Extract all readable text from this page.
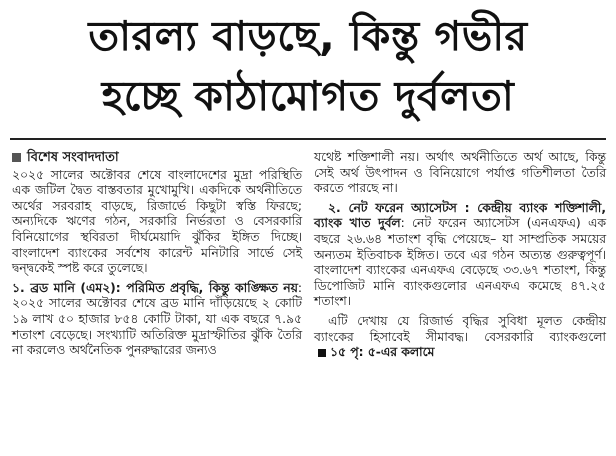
তারল্য বাড়ছে, কিন্তু গভীর
হচ্ছে কাঠামোগত দুর্বলতা
বিশেষ সংবাদদাতা

২০২৫ সালের অক্টোবর শেষে বাংলাদেশের মুদ্রা পরিস্থিতি এক জটিল দ্বৈত বাস্তবতার মুখোমুখি। একদিকে অর্থনীতিতে অর্থের সরবরাহ বাড়ছে, রিজার্ভে কিছুটা স্বস্তি ফিরছে; অন্যদিকে ঋণের গঠন, সরকারি নির্ভরতা ও বেসরকারি বিনিয়োগের স্থবিরতা দীর্ঘমেয়াদি ঝুঁকির ইঙ্গিত দিচ্ছে। বাংলাদেশ ব্যাংকের সর্বশেষ কারেন্ট মনিটারি সার্ভে সেই দ্বন্দ্বকেই স্পষ্ট করে তুলেছে।

১. ব্রড মানি (এম২): পরিমিত প্রবৃদ্ধি, কিন্তু কাঙ্ক্ষিত নয়: ২০২৫ সালের অক্টোবর শেষে ব্রড মানি দাঁড়িয়েছে ২ কোটি ১৯ লাখ ৫০ হাজার ৮৫৪ কোটি টাকা, যা এক বছরে ৭.৯৫ শতাংশ বেড়েছে। সংখ্যাটি অতিরিক্ত মুদ্রাস্ফীতির ঝুঁকি তৈরি না করলেও অর্থনৈতিক পুনরুদ্ধারের জন্যও

যথেষ্ট শক্তিশালী নয়। অর্থাৎ অর্থনীতিতে অর্থ আছে, কিন্তু সেই অর্থ উৎপাদন ও বিনিয়োগে পর্যাপ্ত গতিশীলতা তৈরি করতে পারছে না।

২. নেট ফরেন অ্যাসেটস : কেন্দ্রীয় ব্যাংক শক্তিশালী, ব্যাংক খাত দুর্বল: নেট ফরেন অ্যাসেটস (এনএফএ) এক বছরে ২৬.৬৪ শতাংশ বৃদ্ধি পেয়েছে– যা সাম্প্রতিক সময়ের অন্যতম ইতিবাচক ইঙ্গিত। তবে এর গঠন অত্যন্ত গুরুত্বপূর্ণ। বাংলাদেশ ব্যাংকের এনএফএ বেড়েছে ৩৩.৬৭ শতাংশ, কিন্তু ডিপোজিট মানি ব্যাংকগুলোর এনএফএ কমেছে ৪৭.২৫ শতাংশ।

এটি দেখায় যে রিজার্ভ বৃদ্ধির সুবিধা মূলত কেন্দ্রীয় ব্যাংকের হিসাবেই সীমাবদ্ধ। বেসরকারি ব্যাংকগুলো ১৫ পৃ: ৫-এর কলামে
